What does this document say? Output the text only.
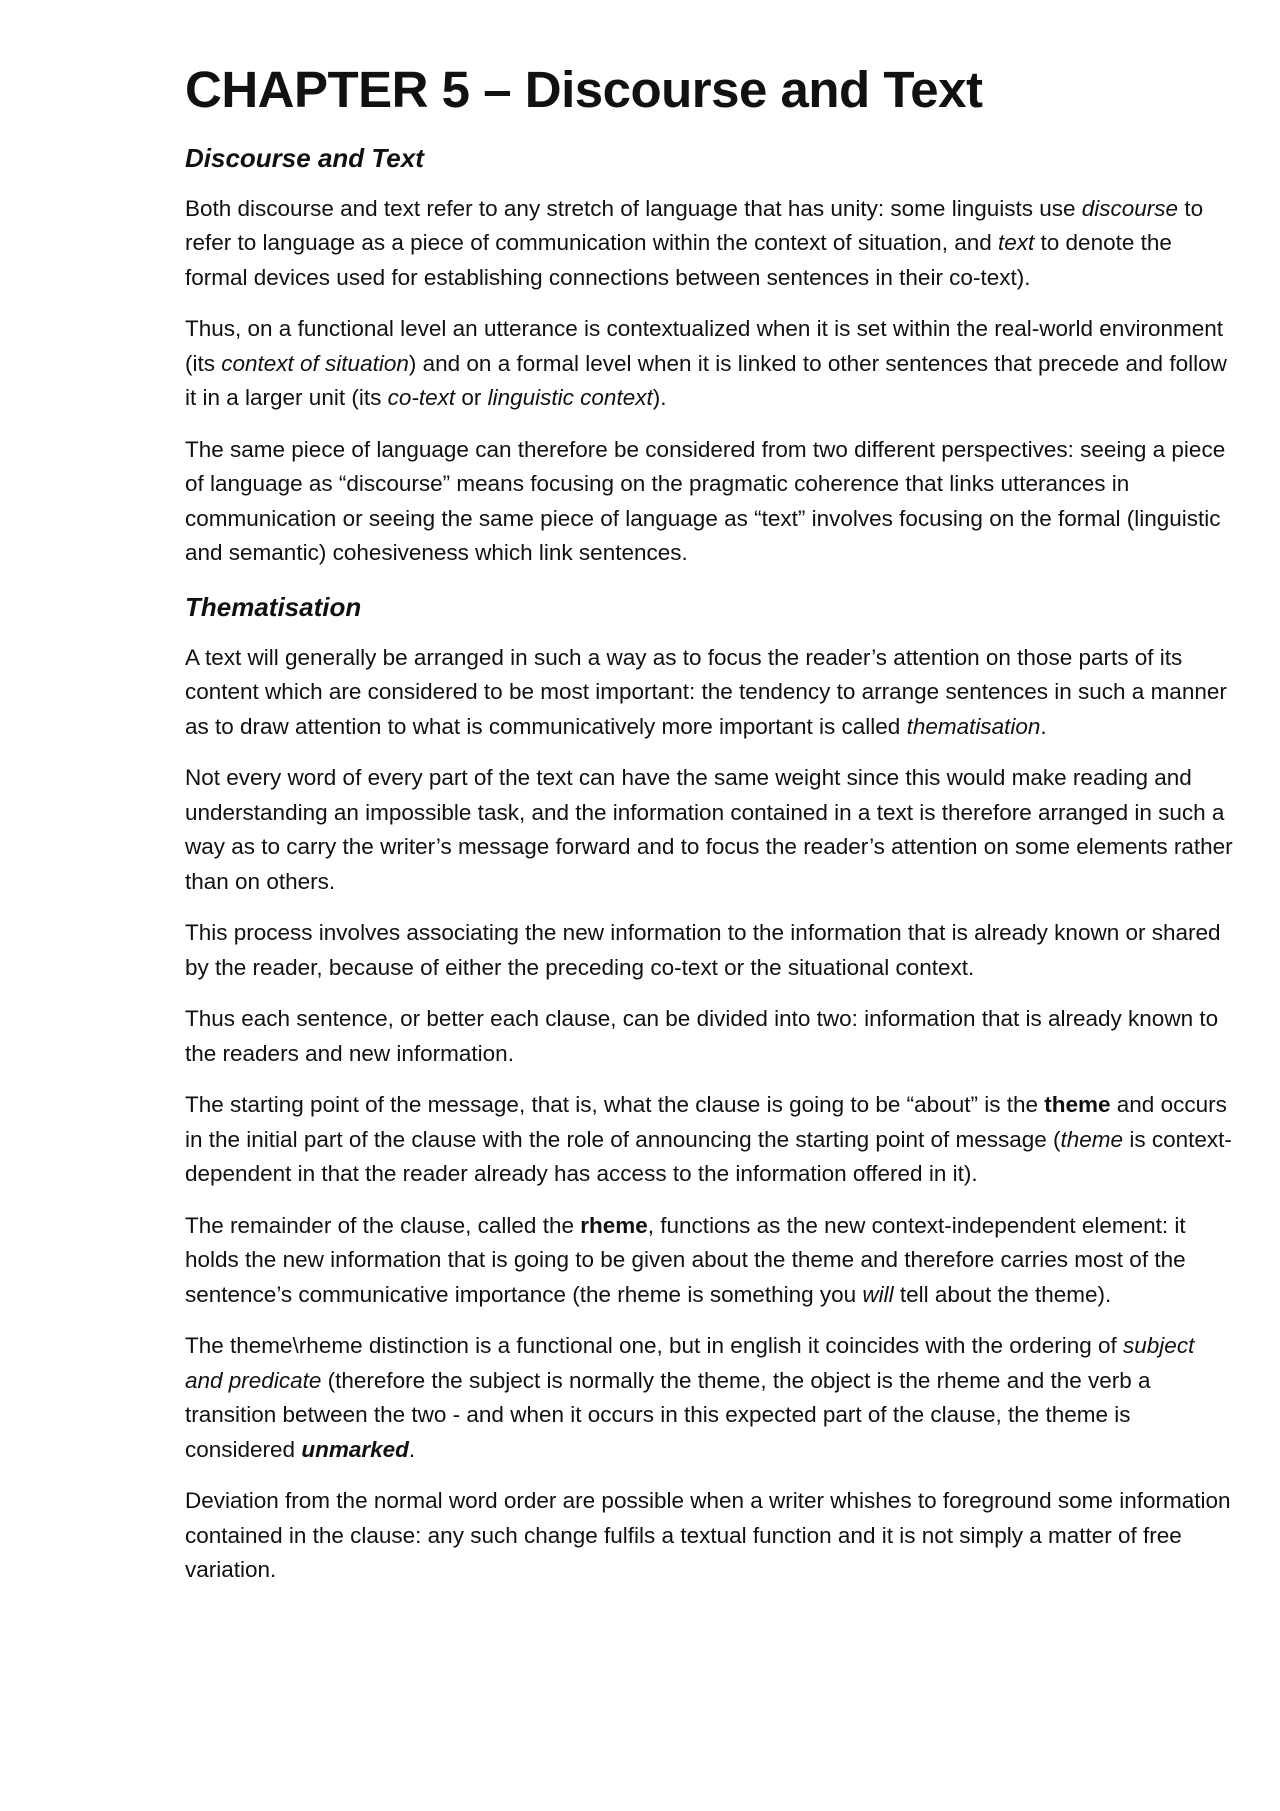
CHAPTER 5 – Discourse and Text
Discourse and Text

Both discourse and text refer to any stretch of language that has unity: some linguists use discourse to refer to language as a piece of communication within the context of situation, and text to denote the formal devices used for establishing connections between sentences in their co-text).

Thus, on a functional level an utterance is contextualized when it is set within the real-world environment (its context of situation) and on a formal level when it is linked to other sentences that precede and follow it in a larger unit (its co-text or linguistic context).

The same piece of language can therefore be considered from two different perspectives: seeing a piece of language as “discourse” means focusing on the pragmatic coherence that links utterances in communication or seeing the same piece of language as “text” involves focusing on the formal (linguistic and semantic) cohesiveness which link sentences.

Thematisation

A text will generally be arranged in such a way as to focus the reader’s attention on those parts of its content which are considered to be most important: the tendency to arrange sentences in such a manner as to draw attention to what is communicatively more important is called thematisation.

Not every word of every part of the text can have the same weight since this would make reading and understanding an impossible task, and the information contained in a text is therefore arranged in such a way as to carry the writer’s message forward and to focus the reader’s attention on some elements rather than on others.

This process involves associating the new information to the information that is already known or shared by the reader, because of either the preceding co-text or the situational context.

Thus each sentence, or better each clause, can be divided into two: information that is already known to the readers and new information.

The starting point of the message, that is, what the clause is going to be “about” is the theme and occurs in the initial part of the clause with the role of announcing the starting point of message (theme is context-dependent in that the reader already has access to the information offered in it).

The remainder of the clause, called the rheme, functions as the new context-independent element: it holds the new information that is going to be given about the theme and therefore carries most of the sentence’s communicative importance (the rheme is something you will tell about the theme).

The theme\rheme distinction is a functional one, but in english it coincides with the ordering of subject and predicate (therefore the subject is normally the theme, the object is the rheme and the verb a transition between the two - and when it occurs in this expected part of the clause, the theme is considered unmarked.

Deviation from the normal word order are possible when a writer whishes to foreground some information contained in the clause: any such change fulfils a textual function and it is not simply a matter of free variation.
